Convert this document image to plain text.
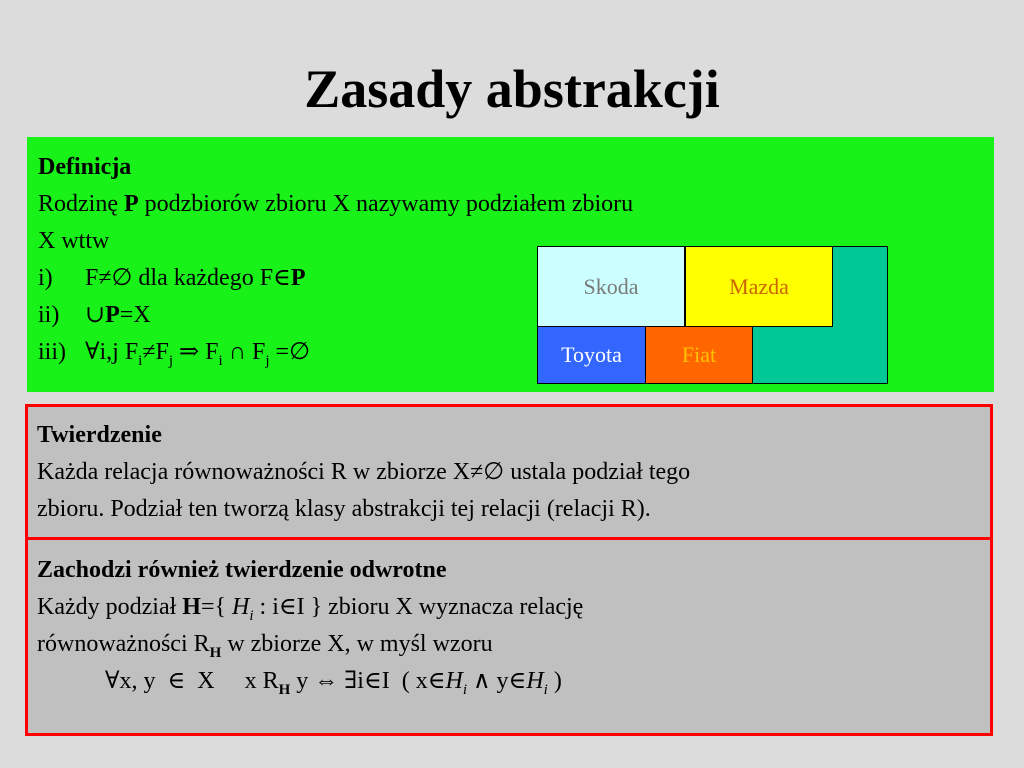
Zasady abstrakcji
Definicja
Rodzinę P podzbiorów zbioru X nazywamy podziałem zbioru
X wttw
i) F≠∅ dla każdego F∈P
ii) ∪P=X
iii) ∀i,j $F_i\ne F_j$ ⇒ $F_i$ ∩ $F_j$ =∅
Skoda	Mazda
Toyota	Fiat
Twierdzenie
Każda relacja równoważności R w zbiorze X≠∅ ustala podział tego
zbioru. Podział ten tworzą klasy abstrakcji tej relacji (relacji R).
Zachodzi również twierdzenie odwrotne
Każdy podział H={ $H_i$ : i∈I } zbioru X wyznacza relację
równoważności $R_H$ w zbiorze X, w myśl wzoru
∀x, y  ∈  X     x $R_H$ y ⇔ ∃i∈I  ( $x\in H_i$ ∧ $y\in H_i$ )
